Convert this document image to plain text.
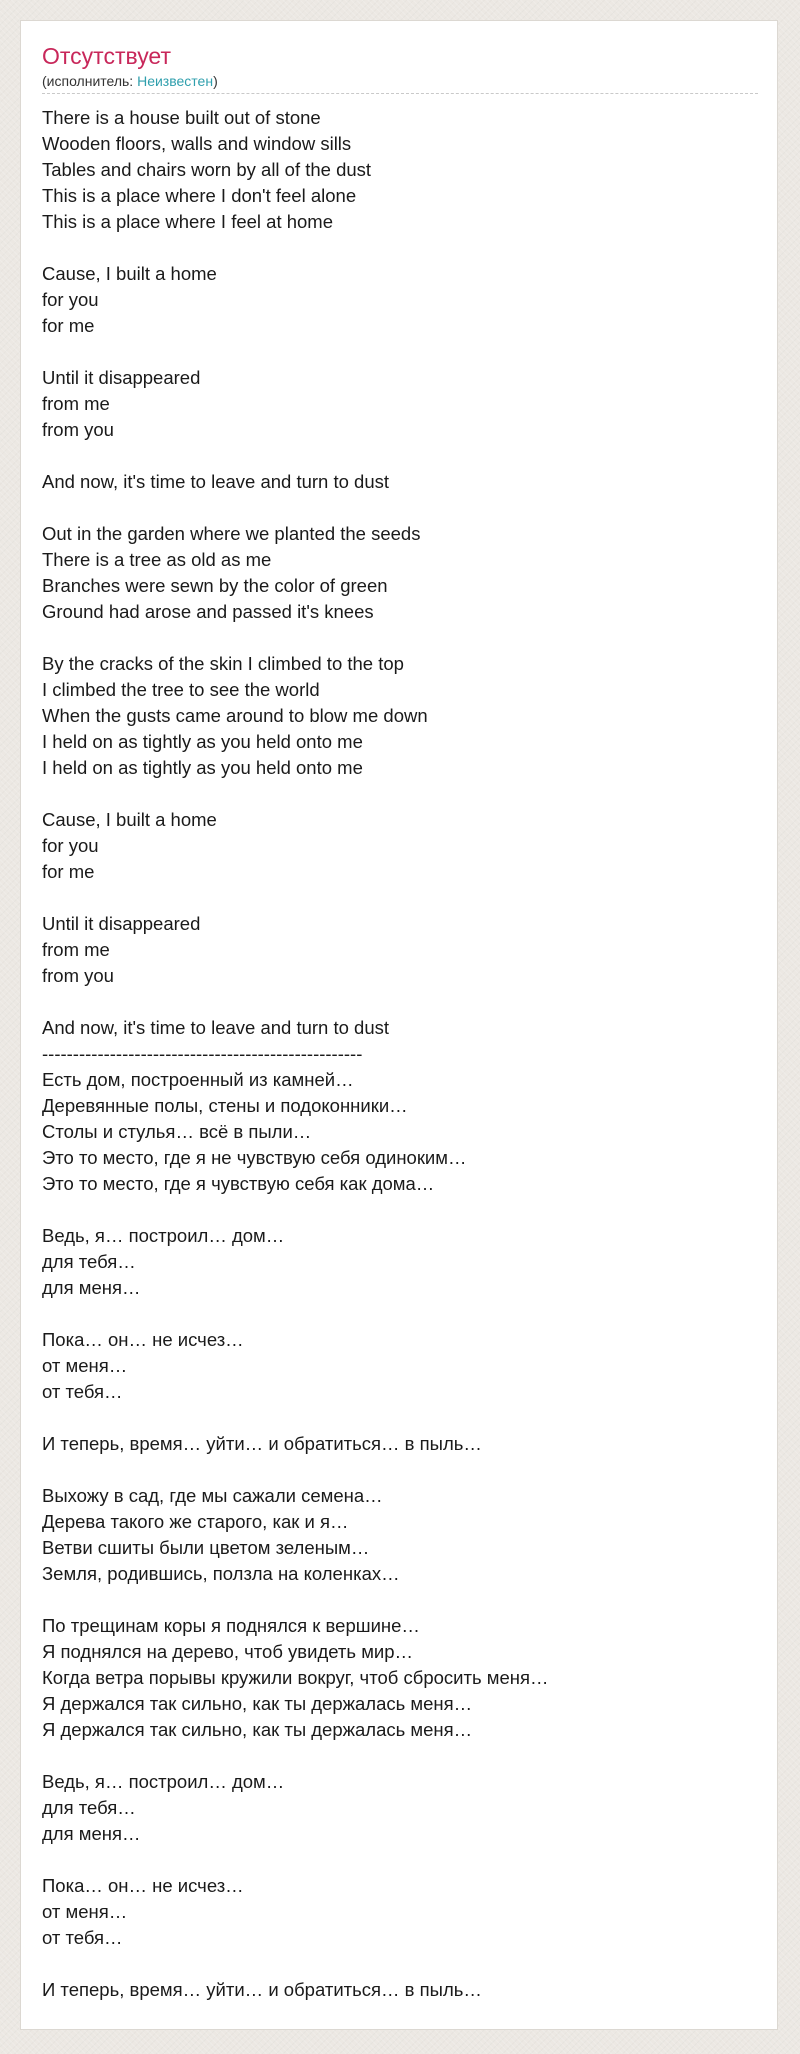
Отсутствует
(исполнитель: Неизвестен)
There is a house built out of stone
Wooden floors, walls and window sills
Tables and chairs worn by all of the dust
This is a place where I don't feel alone
This is a place where I feel at home
Cause, I built a home
for you
for me
Until it disappeared
from me
from you
And now, it's time to leave and turn to dust
Out in the garden where we planted the seeds
There is a tree as old as me
Branches were sewn by the color of green
Ground had arose and passed it's knees
By the cracks of the skin I climbed to the top
I climbed the tree to see the world
When the gusts came around to blow me down
I held on as tightly as you held onto me
I held on as tightly as you held onto me
Cause, I built a home
for you
for me
Until it disappeared
from me
from you
And now, it's time to leave and turn to dust
----------------------------------------------------
Есть дом, построенный из камней…
Деревянные полы, стены и подоконники…
Столы и стулья… всё в пыли…
Это то место, где я не чувствую себя одиноким…
Это то место, где я чувствую себя как дома…
Ведь, я… построил… дом…
для тебя…
для меня…
Пока… он… не исчез…
от меня…
от тебя…
И теперь, время… уйти… и обратиться… в пыль…
Выхожу в сад, где мы сажали семена…
Дерева такого же старого, как и я…
Ветви сшиты были цветом зеленым…
Земля, родившись, ползла на коленках…
По трещинам коры я поднялся к вершине…
Я поднялся на дерево, чтоб увидеть мир…
Когда ветра порывы кружили вокруг, чтоб сбросить меня…
Я держался так сильно, как ты держалась меня…
Я держался так сильно, как ты держалась меня…
Ведь, я… построил… дом…
для тебя…
для меня…
Пока… он… не исчез…
от меня…
от тебя…
И теперь, время… уйти… и обратиться… в пыль…
